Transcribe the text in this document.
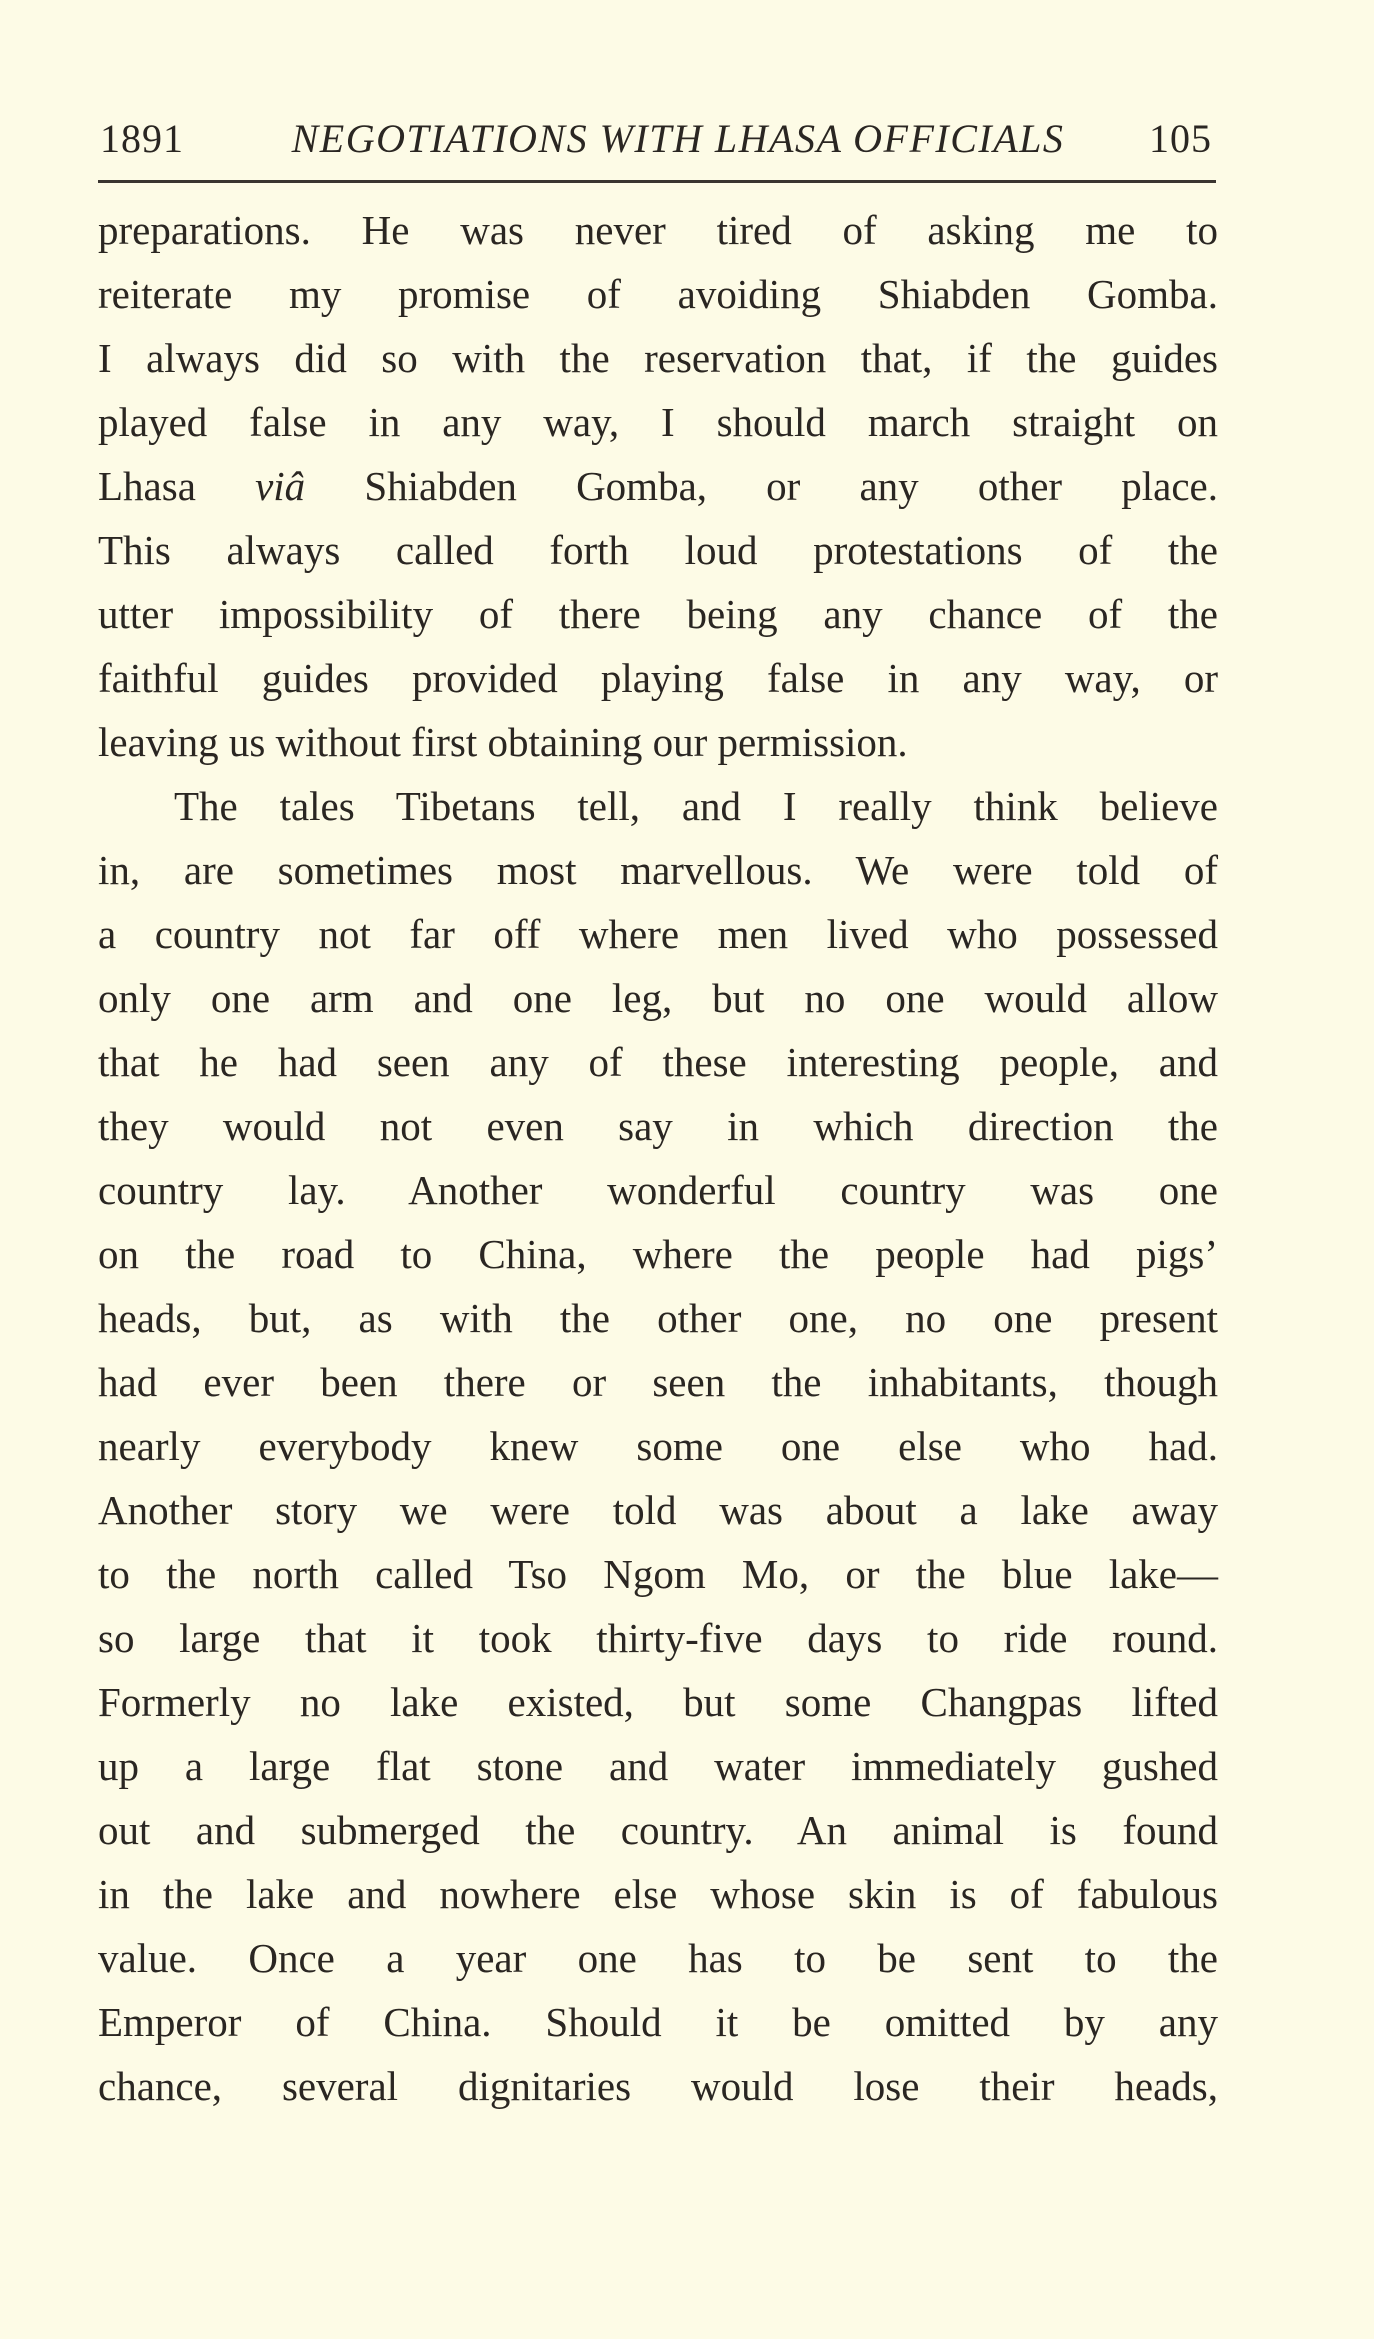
1891	NEGOTIATIONS WITH LHASA OFFICIALS	105
preparations. He was never tired of asking me to
reiterate my promise of avoiding Shiabden Gomba.
I always did so with the reservation that, if the guides
played false in any way, I should march straight on
Lhasa viâ Shiabden Gomba, or any other place.
This always called forth loud protestations of the
utter impossibility of there being any chance of the
faithful guides provided playing false in any way, or
leaving us without first obtaining our permission.
The tales Tibetans tell, and I really think believe
in, are sometimes most marvellous. We were told of
a country not far off where men lived who possessed
only one arm and one leg, but no one would allow
that he had seen any of these interesting people, and
they would not even say in which direction the
country lay. Another wonderful country was one
on the road to China, where the people had pigs’
heads, but, as with the other one, no one present
had ever been there or seen the inhabitants, though
nearly everybody knew some one else who had.
Another story we were told was about a lake away
to the north called Tso Ngom Mo, or the blue lake—
so large that it took thirty-five days to ride round.
Formerly no lake existed, but some Changpas lifted
up a large flat stone and water immediately gushed
out and submerged the country. An animal is found
in the lake and nowhere else whose skin is of fabulous
value. Once a year one has to be sent to the
Emperor of China. Should it be omitted by any
chance, several dignitaries would lose their heads,
